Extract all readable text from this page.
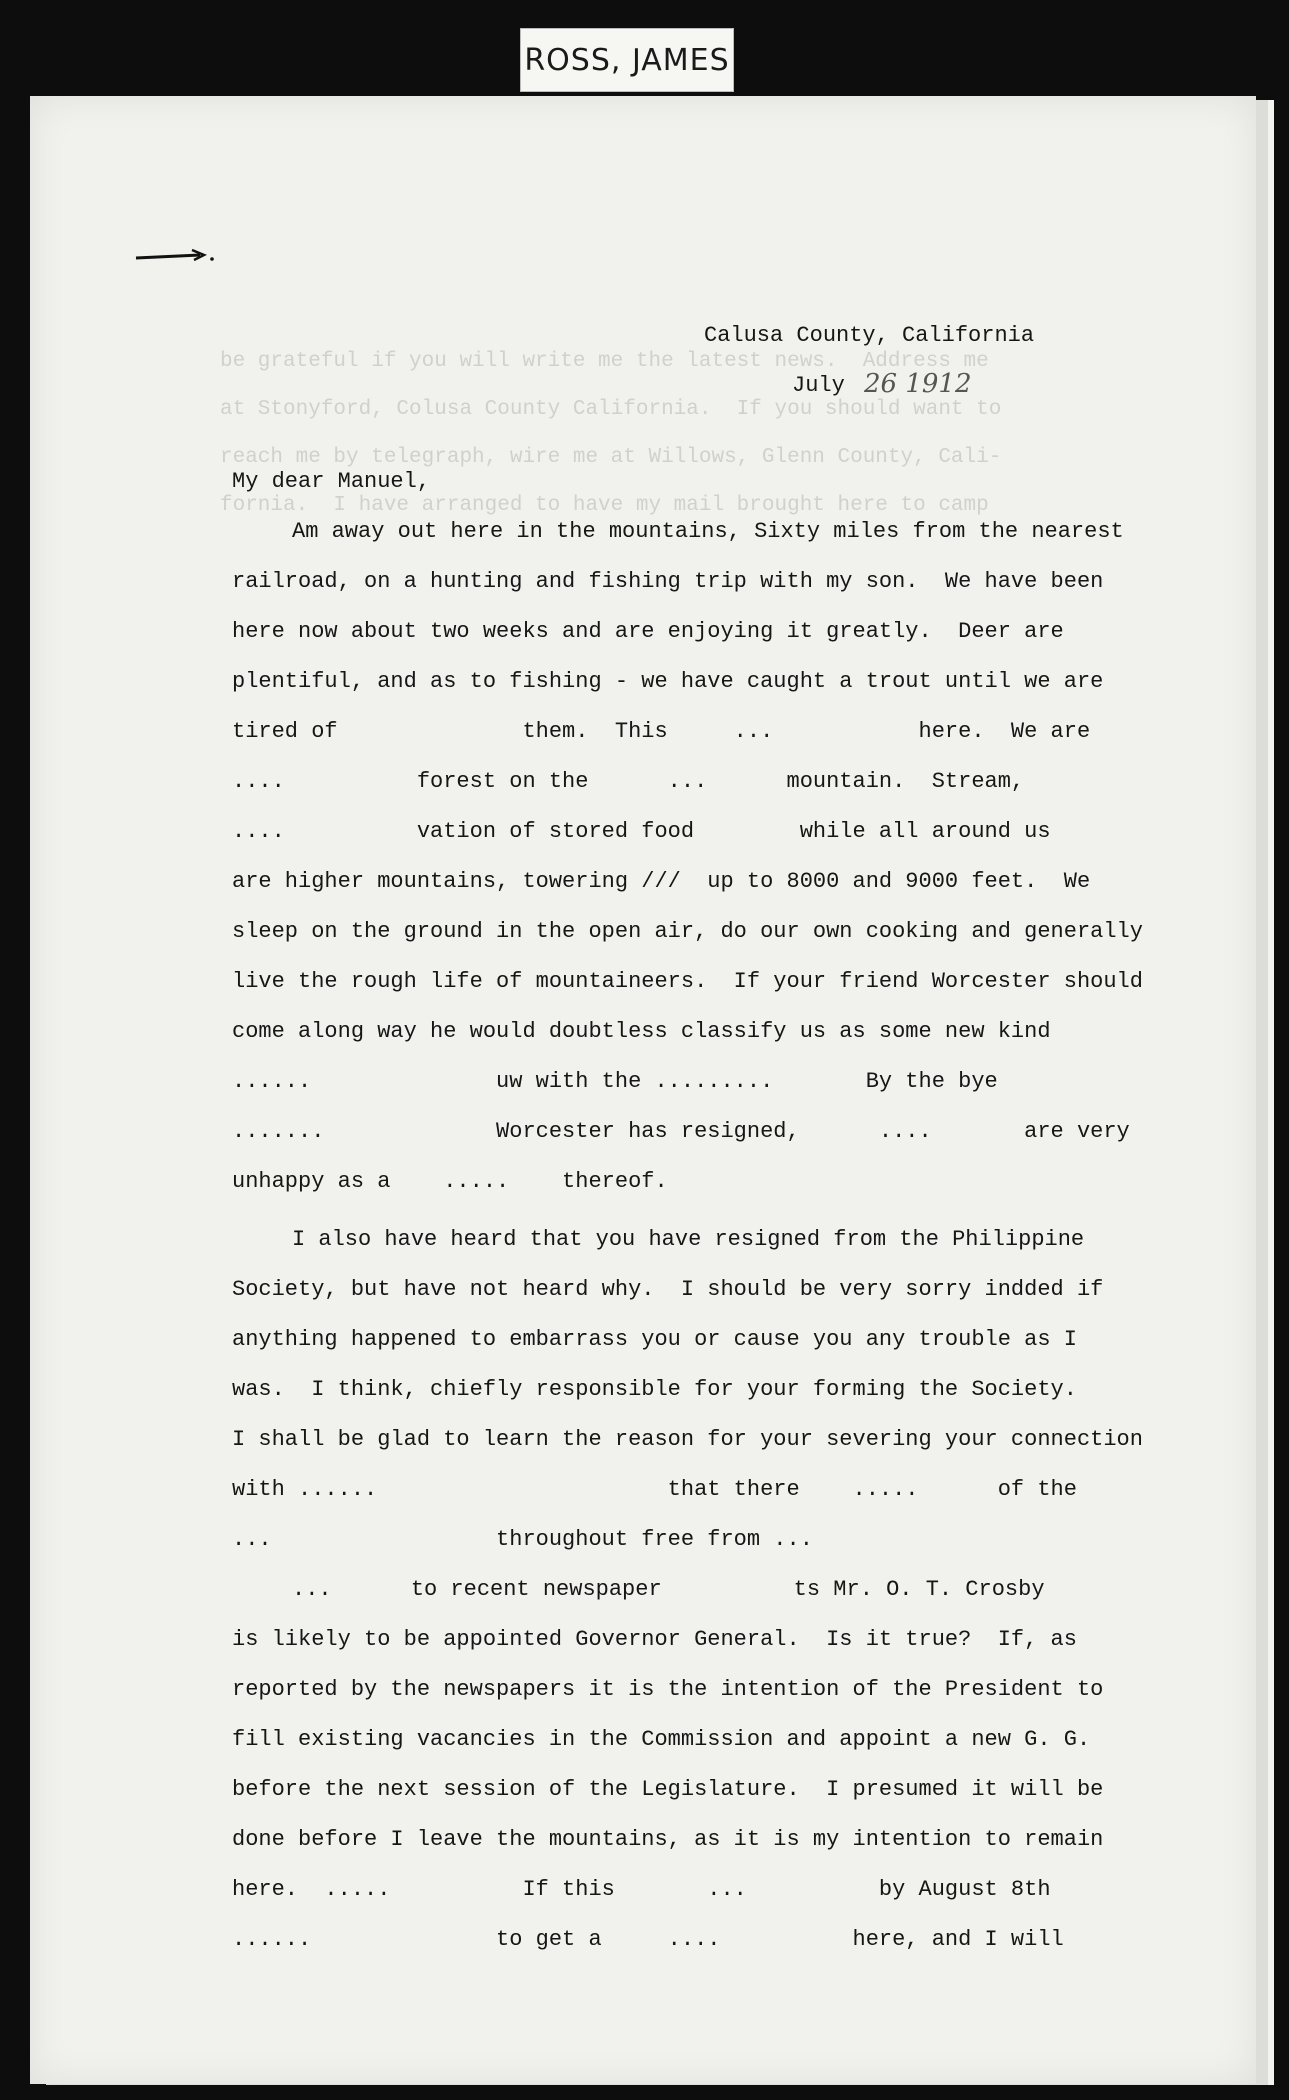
ROSS, JAMES
be grateful if you will write me the latest news.  Address me
at Stonyford, Colusa County California.  If you should want to
reach me by telegraph, wire me at Willows, Glenn County, Cali-
fornia.  I have arranged to have my mail brought here to camp
Calusa County, California
July 26 1912
My dear Manuel,
Am away out here in the mountains, Sixty miles from the nearest
railroad, on a hunting and fishing trip with my son.  We have been
here now about two weeks and are enjoying it greatly.  Deer are
plentiful, and as to fishing - we have caught a trout until we are
tired of              them.  This     ...           here.  We are
....          forest on the      ...      mountain.  Stream,
....          vation of stored food        while all around us
are higher mountains, towering ///  up to 8000 and 9000 feet.  We
sleep on the ground in the open air, do our own cooking and generally
live the rough life of mountaineers.  If your friend Worcester should
come along way he would doubtless classify us as some new kind
......              uw with the .........       By the bye
.......             Worcester has resigned,      ....       are very
unhappy as a    .....    thereof.
I also have heard that you have resigned from the Philippine
Society, but have not heard why.  I should be very sorry indded if
anything happened to embarrass you or cause you any trouble as I
was.  I think, chiefly responsible for your forming the Society.
I shall be glad to learn the reason for your severing your connection
with ......                      that there    .....      of the
...                 throughout free from ...
...      to recent newspaper          ts Mr. O. T. Crosby
is likely to be appointed Governor General.  Is it true?  If, as
reported by the newspapers it is the intention of the President to
fill existing vacancies in the Commission and appoint a new G. G.
before the next session of the Legislature.  I presumed it will be
done before I leave the mountains, as it is my intention to remain
here.  .....          If this       ...          by August 8th
......              to get a     ....          here, and I will
